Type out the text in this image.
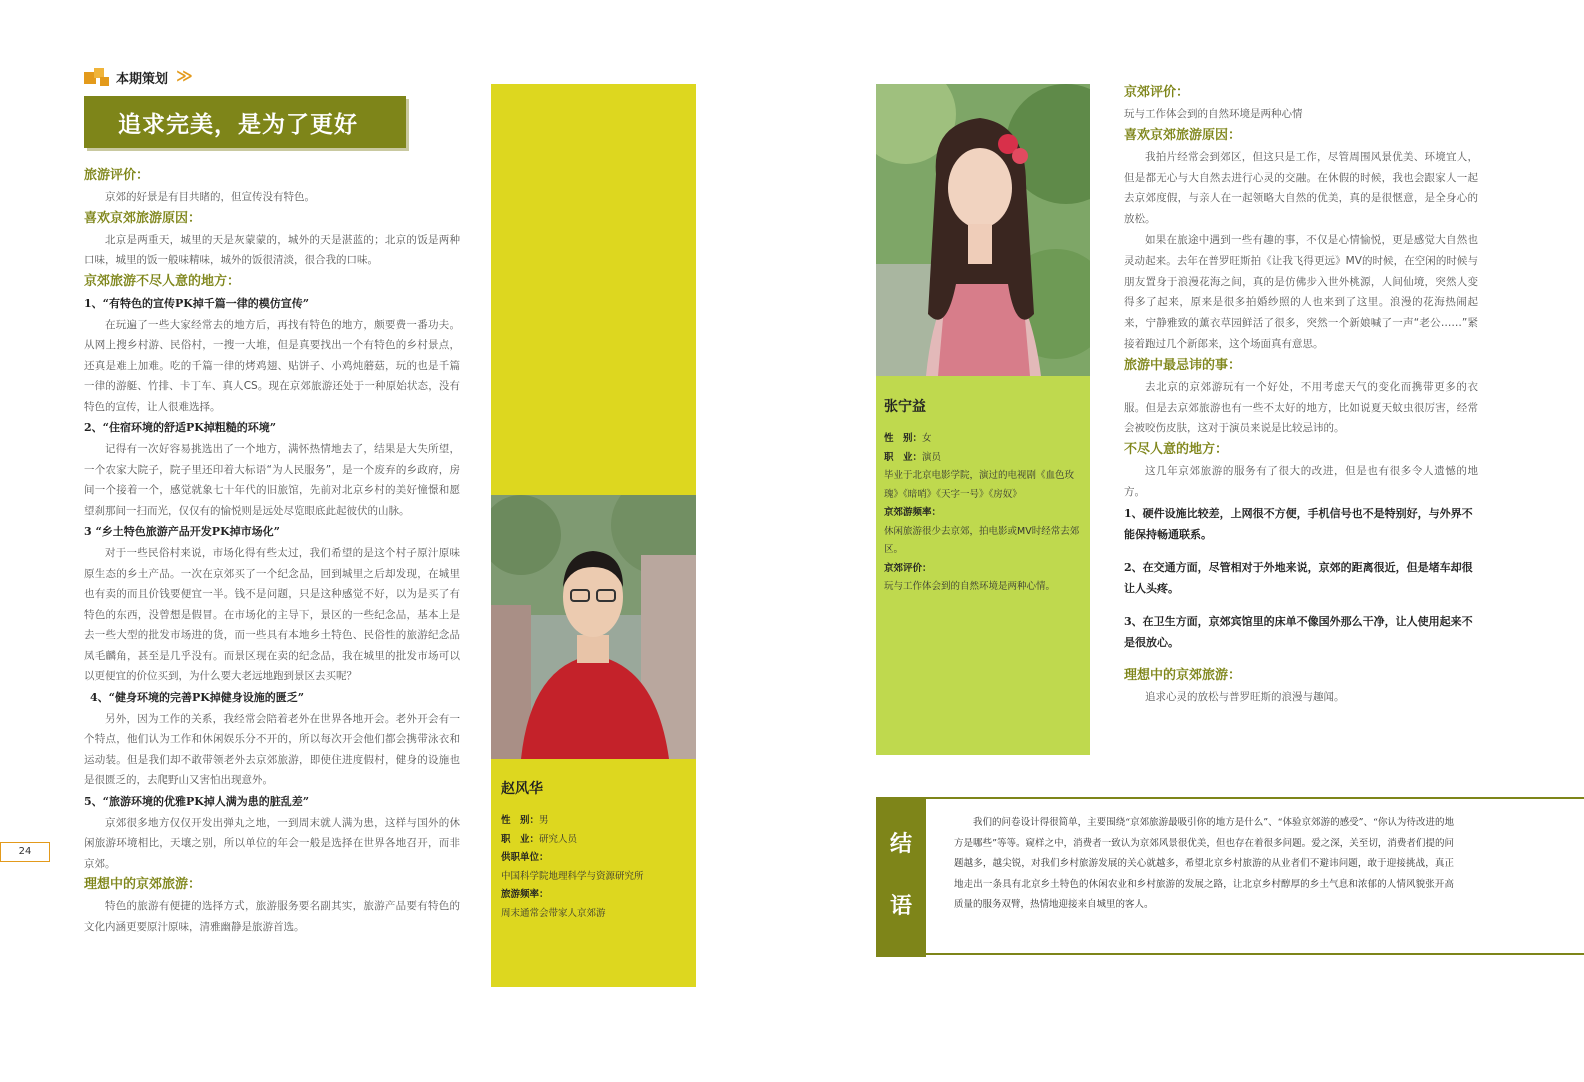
本期策划 ≫
追求完美，是为了更好

旅游评价：

京郊的好景是有目共睹的，但宣传没有特色。

喜欢京郊旅游原因：

北京是两重天，城里的天是灰蒙蒙的，城外的天是湛蓝的；北京的饭是两种口味，城里的饭一般味精味，城外的饭很清淡，很合我的口味。

京郊旅游不尽人意的地方：

1、“有特色的宣传PK掉千篇一律的模仿宣传”

在玩遍了一些大家经常去的地方后，再找有特色的地方，颇要费一番功夫。从网上搜乡村游、民俗村，一搜一大堆，但是真要找出一个有特色的乡村景点，还真是难上加难。吃的千篇一律的烤鸡翅、贴饼子、小鸡炖蘑菇，玩的也是千篇一律的游艇、竹排、卡丁车、真人CS。现在京郊旅游还处于一种原始状态，没有特色的宣传，让人很难选择。

2、“住宿环境的舒适PK掉粗糙的环境”

记得有一次好容易挑选出了一个地方，满怀热情地去了，结果是大失所望，一个农家大院子，院子里还印着大标语“为人民服务”，是一个废弃的乡政府，房间一个接着一个，感觉就象七十年代的旧旅馆，先前对北京乡村的美好憧憬和愿望刹那间一扫而光，仅仅有的愉悦则是远处尽览眼底此起彼伏的山脉。

3 “乡土特色旅游产品开发PK掉市场化”

对于一些民俗村来说，市场化得有些太过，我们希望的是这个村子原汁原味原生态的乡土产品。一次在京郊买了一个纪念品，回到城里之后却发现，在城里也有卖的而且价钱要便宜一半。钱不是问题，只是这种感觉不好，以为是买了有特色的东西，没曾想是假冒。在市场化的主导下，景区的一些纪念品，基本上是去一些大型的批发市场进的货，而一些具有本地乡土特色、民俗性的旅游纪念品凤毛麟角，甚至是几乎没有。而景区现在卖的纪念品，我在城里的批发市场可以以更便宜的价位买到，为什么要大老远地跑到景区去买呢？

4、“健身环境的完善PK掉健身设施的匮乏”

另外，因为工作的关系，我经常会陪着老外在世界各地开会。老外开会有一个特点，他们认为工作和休闲娱乐分不开的，所以每次开会他们都会携带泳衣和运动装。但是我们却不敢带领老外去京郊旅游，即使住进度假村，健身的设施也是很匮乏的，去爬野山又害怕出现意外。

5、“旅游环境的优雅PK掉人满为患的脏乱差”

京郊很多地方仅仅开发出弹丸之地，一到周末就人满为患，这样与国外的休闲旅游环境相比，天壤之别，所以单位的年会一般是选择在世界各地召开，而非京郊。

理想中的京郊旅游：

特色的旅游有便捷的选择方式，旅游服务要名副其实，旅游产品要有特色的文化内涵更要原汁原味，清雅幽静是旅游首选。

赵风华
性　别：男
职　业：研究人员
供职单位：
中国科学院地理科学与资源研究所
旅游频率：
周末通常会带家人京郊游
24
张宁益
性　别：女
职　业：演员
毕业于北京电影学院，演过的电视剧《血色玫瑰》《暗哨》《天字一号》《房奴》
京郊游频率：
休闲旅游很少去京郊，拍电影或MV时经常去郊区。
京郊评价：
玩与工作体会到的自然环境是两种心情。

京郊评价：

玩与工作体会到的自然环境是两种心情

喜欢京郊旅游原因：

我拍片经常会到郊区，但这只是工作，尽管周围风景优美、环境宜人，但是都无心与大自然去进行心灵的交融。在休假的时候，我也会跟家人一起去京郊度假，与亲人在一起领略大自然的优美，真的是很惬意，是全身心的放松。

如果在旅途中遇到一些有趣的事，不仅是心情愉悦，更是感觉大自然也灵动起来。去年在普罗旺斯拍《让我飞得更远》MV的时候，在空闲的时候与朋友置身于浪漫花海之间，真的是仿佛步入世外桃源，人间仙境，突然人变得多了起来，原来是很多拍婚纱照的人也来到了这里。浪漫的花海热闹起来，宁静雅致的薰衣草园鲜活了很多，突然一个新娘喊了一声“老公……”紧接着跑过几个新郎来，这个场面真有意思。

旅游中最忌讳的事：

去北京的京郊游玩有一个好处，不用考虑天气的变化而携带更多的衣服。但是去京郊旅游也有一些不太好的地方，比如说夏天蚊虫很厉害，经常会被咬伤皮肤，这对于演员来说是比较忌讳的。

不尽人意的地方：

这几年京郊旅游的服务有了很大的改进，但是也有很多令人遗憾的地方。

1、硬件设施比较差，上网很不方便，手机信号也不是特别好，与外界不能保持畅通联系。

2、在交通方面，尽管相对于外地来说，京郊的距离很近，但是堵车却很让人头疼。

3、在卫生方面，京郊宾馆里的床单不像国外那么干净，让人使用起来不是很放心。

理想中的京郊旅游：

追求心灵的放松与普罗旺斯的浪漫与趣闻。

结
语
我们的问卷设计得很简单，主要围绕“京郊旅游最吸引你的地方是什么”、“体验京郊游的感受”、“你认为待改进的地方是哪些”等等。窥样之中，消费者一致认为京郊风景很优美，但也存在着很多问题。爱之深，关至切，消费者们提的问题越多，越尖锐，对我们乡村旅游发展的关心就越多，希望北京乡村旅游的从业者们不避讳问题，敢于迎接挑战，真正地走出一条具有北京乡土特色的休闲农业和乡村旅游的发展之路，让北京乡村醇厚的乡土气息和浓郁的人情风貌张开高质量的服务双臂，热情地迎接来自城里的客人。
